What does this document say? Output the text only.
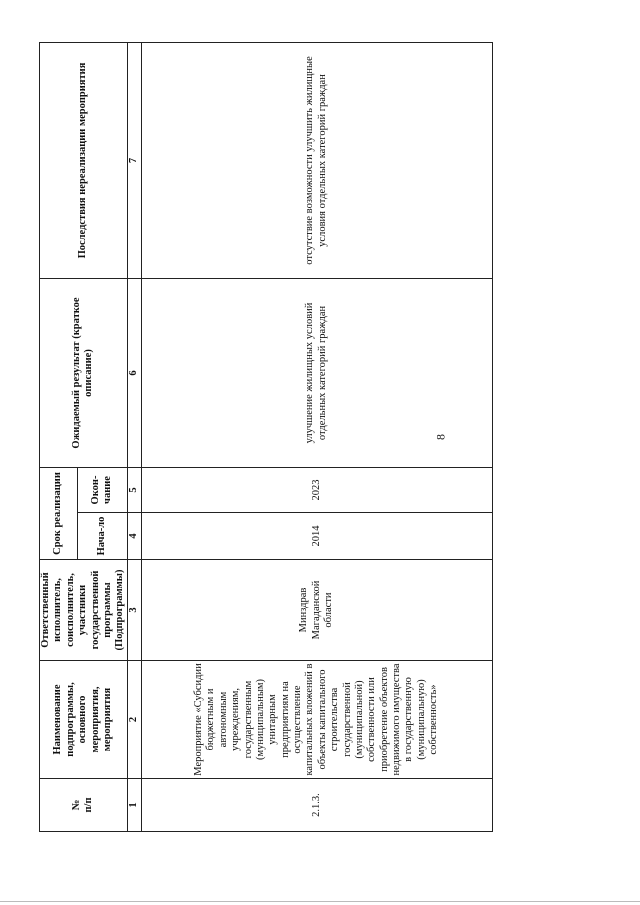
8
№
п/п	Наименование подпрограммы, основного мероприятия, мероприятия	Ответственный исполнитель, соисполнитель, участники государственной программы (Подпрограммы)	Срок реализации		Ожидаемый результат (краткое описание)	Последствия нереализации мероприятия
			Нача-ло	Окон-чание		
1	2	3	4	5	6	7
2.1.3.	Мероприятие «Субсидии бюджетным и автономным учреждениям, государственным (муниципальным) унитарным предприятиям на осуществление капитальных вложений в объекты капитального строительства государственной (муниципальной) собственности или приобретение объектов недвижимого имущества в государственную (муниципальную) собственность»	Минздрав Магаданской области	2014	2023	улучшение жилищных условий отдельных категорий граждан	отсутствие возможности улучшить жилищные условия отдельных категорий граждан
